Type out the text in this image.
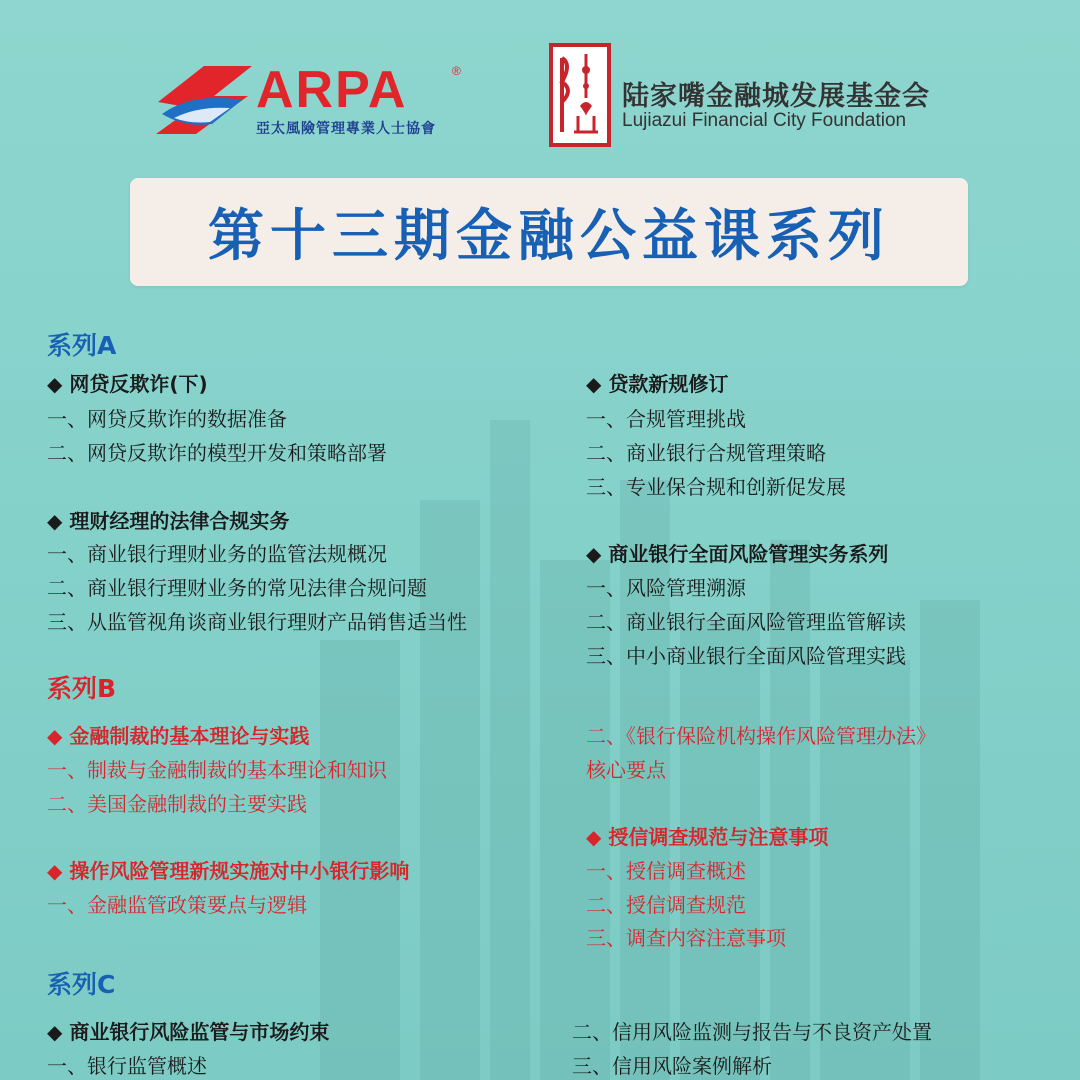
ARPA	®
亞太風險管理專業人士協會
陆家嘴金融城发展基金会
Lujiazui Financial City Foundation
第十三期金融公益课系列
系列A
◆ 网贷反欺诈(下)
一、网贷反欺诈的数据准备
二、网贷反欺诈的模型开发和策略部署
◆ 理财经理的法律合规实务
一、商业银行理财业务的监管法规概况
二、商业银行理财业务的常见法律合规问题
三、从监管视角谈商业银行理财产品销售适当性
◆ 贷款新规修订
一、合规管理挑战
二、商业银行合规管理策略
三、专业保合规和创新促发展
◆ 商业银行全面风险管理实务系列
一、风险管理溯源
二、商业银行全面风险管理监管解读
三、中小商业银行全面风险管理实践
系列B
◆ 金融制裁的基本理论与实践
一、制裁与金融制裁的基本理论和知识
二、美国金融制裁的主要实践
◆ 操作风险管理新规实施对中小银行影响
一、金融监管政策要点与逻辑
二、《银行保险机构操作风险管理办法》
核心要点
◆ 授信调查规范与注意事项
一、授信调查概述
二、授信调查规范
三、调查内容注意事项
系列C
◆ 商业银行风险监管与市场约束
一、银行监管概述
二、信用风险监测与报告与不良资产处置
三、信用风险案例解析
